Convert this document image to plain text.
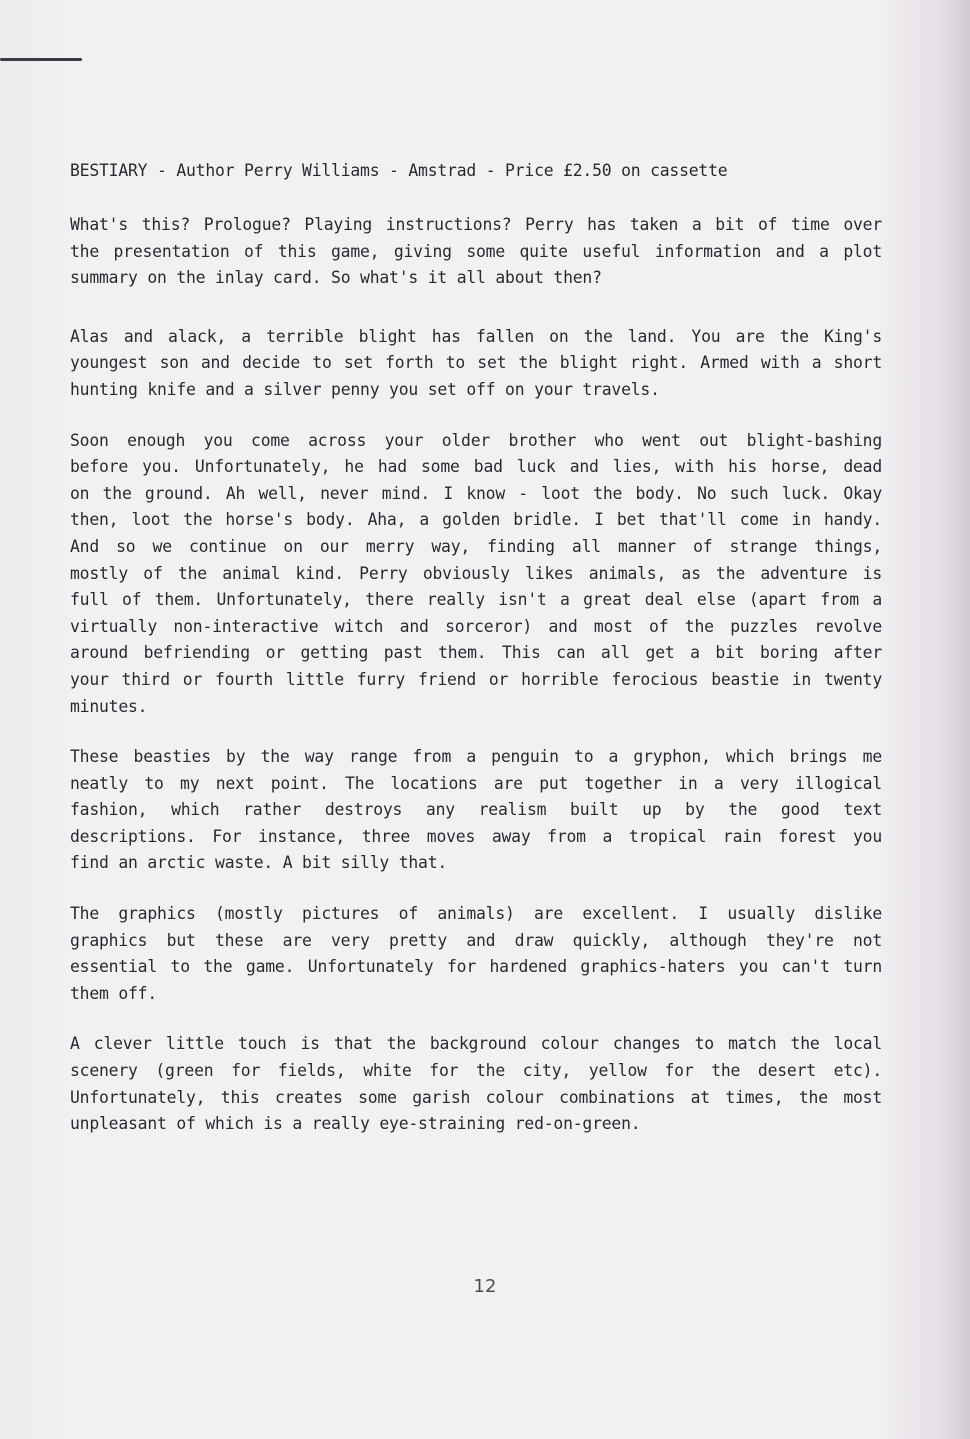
BESTIARY - Author Perry Williams - Amstrad - Price £2.50 on cassette
What's this? Prologue? Playing instructions? Perry has taken a bit of time over
the presentation of this game, giving some quite useful information and a plot
summary on the inlay card. So what's it all about then?
Alas and alack, a terrible blight has fallen on the land. You are the King's
youngest son and decide to set forth to set the blight right. Armed with a short
hunting knife and a silver penny you set off on your travels.
Soon enough you come across your older brother who went out blight-bashing
before you. Unfortunately, he had some bad luck and lies, with his horse, dead
on the ground. Ah well, never mind. I know - loot the body. No such luck. Okay
then, loot the horse's body. Aha, a golden bridle. I bet that'll come in handy.
And so we continue on our merry way, finding all manner of strange things,
mostly of the animal kind. Perry obviously likes animals, as the adventure is
full of them. Unfortunately, there really isn't a great deal else (apart from a
virtually non-interactive witch and sorceror) and most of the puzzles revolve
around befriending or getting past them. This can all get a bit boring after
your third or fourth little furry friend or horrible ferocious beastie in twenty
minutes.
These beasties by the way range from a penguin to a gryphon, which brings me
neatly to my next point. The locations are put together in a very illogical
fashion, which rather destroys any realism built up by the good text
descriptions. For instance, three moves away from a tropical rain forest you
find an arctic waste. A bit silly that.
The graphics (mostly pictures of animals) are excellent. I usually dislike
graphics but these are very pretty and draw quickly, although they're not
essential to the game. Unfortunately for hardened graphics-haters you can't turn
them off.
A clever little touch is that the background colour changes to match the local
scenery (green for fields, white for the city, yellow for the desert etc).
Unfortunately, this creates some garish colour combinations at times, the most
unpleasant of which is a really eye-straining red-on-green.
12
